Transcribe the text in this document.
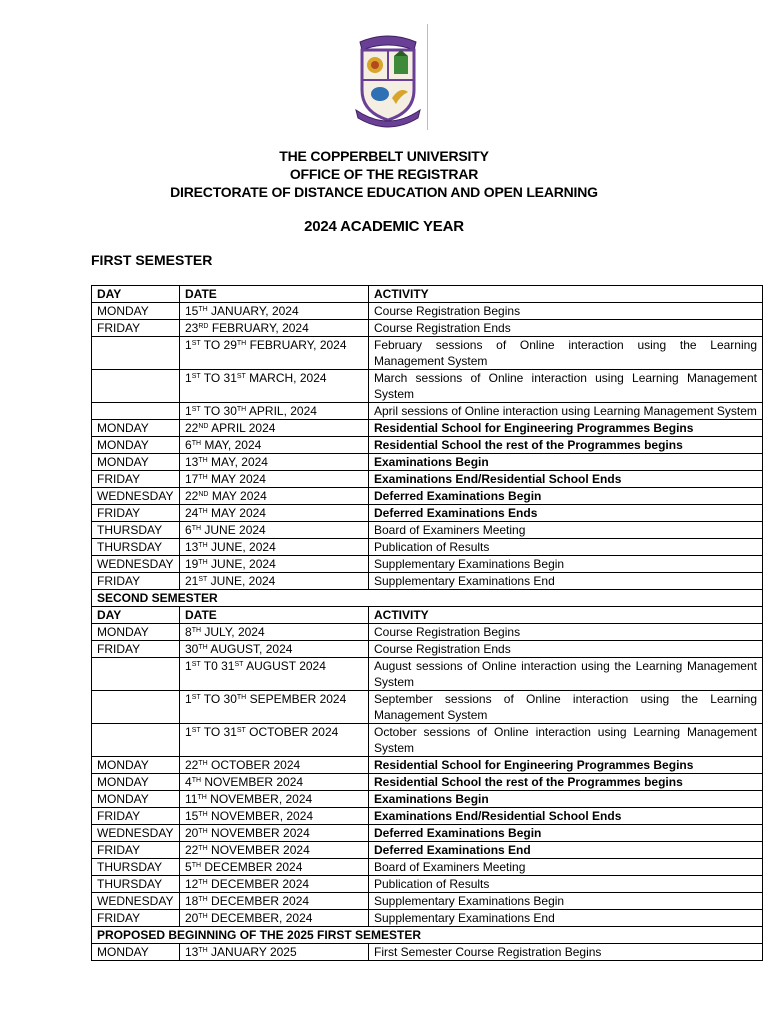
THE COPPERBELT UNIVERSITY
OFFICE OF THE REGISTRAR
DIRECTORATE OF DISTANCE EDUCATION AND OPEN LEARNING
2024 ACADEMIC YEAR
FIRST SEMESTER
DAY	DATE	ACTIVITY
MONDAY	15TH JANUARY, 2024	Course Registration Begins
FRIDAY	23RD FEBRUARY, 2024	Course Registration Ends
	1ST TO 29TH FEBRUARY, 2024	February sessions of Online interaction using the Learning Management System
	1ST TO 31ST MARCH, 2024	March sessions of Online interaction using Learning Management System
	1ST TO 30TH APRIL, 2024	April sessions of Online interaction using Learning Management System
MONDAY	22ND APRIL 2024	Residential School for Engineering Programmes Begins
MONDAY	6TH MAY, 2024	Residential School the rest of the Programmes begins
MONDAY	13TH MAY, 2024	Examinations Begin
FRIDAY	17TH MAY 2024	Examinations End/Residential School Ends
WEDNESDAY	22ND MAY 2024	Deferred Examinations Begin
FRIDAY	24TH MAY 2024	Deferred Examinations Ends
THURSDAY	6TH JUNE 2024	Board of Examiners Meeting
THURSDAY	13TH JUNE, 2024	Publication of Results
WEDNESDAY	19TH JUNE, 2024	Supplementary Examinations Begin
FRIDAY	21ST JUNE, 2024	Supplementary Examinations End
SECOND SEMESTER		
DAY	DATE	ACTIVITY
MONDAY	8TH JULY, 2024	Course Registration Begins
FRIDAY	30TH AUGUST, 2024	Course Registration Ends
	1ST T0 31ST AUGUST 2024	August sessions of Online interaction using the Learning Management System
	1ST TO 30TH SEPEMBER 2024	September sessions of Online interaction using the Learning Management System
	1ST TO 31ST OCTOBER 2024	October sessions of Online interaction using Learning Management System
MONDAY	22TH OCTOBER 2024	Residential School for Engineering Programmes Begins
MONDAY	4TH NOVEMBER 2024	Residential School the rest of the Programmes begins
MONDAY	11TH NOVEMBER, 2024	Examinations Begin
FRIDAY	15TH NOVEMBER, 2024	Examinations End/Residential School Ends
WEDNESDAY	20TH NOVEMBER 2024	Deferred Examinations Begin
FRIDAY	22TH NOVEMBER 2024	Deferred Examinations End
THURSDAY	5TH DECEMBER 2024	Board of Examiners Meeting
THURSDAY	12TH DECEMBER 2024	Publication of Results
WEDNESDAY	18TH DECEMBER 2024	Supplementary Examinations Begin
FRIDAY	20TH DECEMBER, 2024	Supplementary Examinations End
PROPOSED BEGINNING OF THE 2025 FIRST SEMESTER		
MONDAY	13TH JANUARY 2025	First Semester Course Registration Begins
